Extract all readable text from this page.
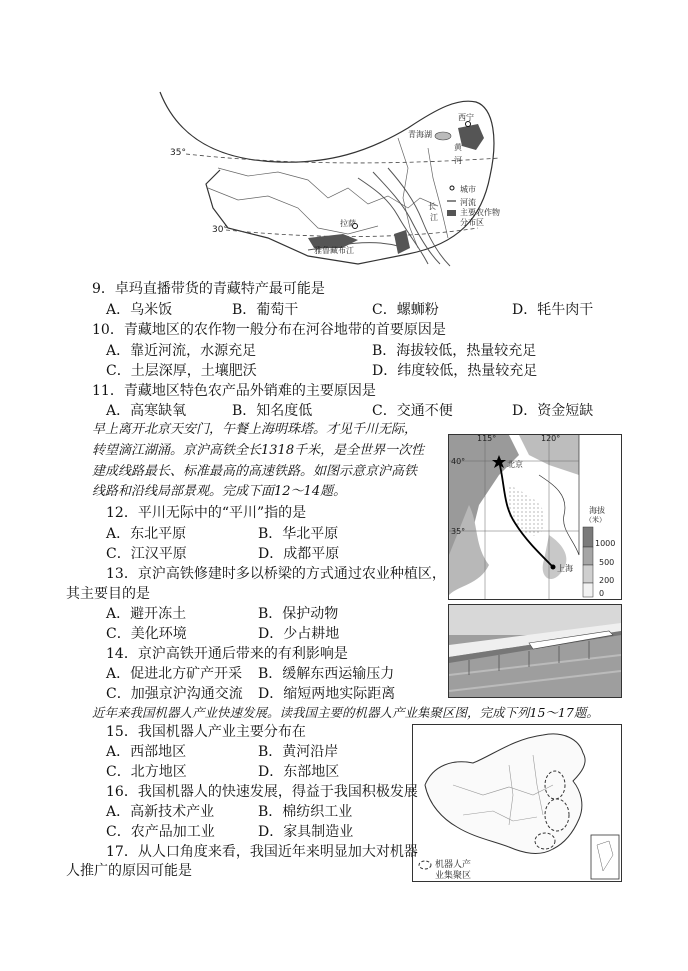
35°
30°
西宁
青海湖
黄
河
长
江
拉萨
雅鲁藏布江
城市
河流
主要农作物
分布区
9．卓玛直播带货的青藏特产最可能是
A．乌米饭	B．葡萄干	C．螺蛳粉	D．牦牛肉干
10．青藏地区的农作物一般分布在河谷地带的首要原因是
A．靠近河流，水源充足	B．海拔较低，热量较充足
C．土层深厚，土壤肥沃	D．纬度较低，热量较充足
11．青藏地区特色农产品外销难的主要原因是
A．高寒缺氧	B．知名度低	C．交通不便	D．资金短缺
早上离开北京天安门，午餐上海明珠塔。才见千川无际，
转望滴江湖涌。京沪高铁全长1318千米，是全世界一次性
建成线路最长、标准最高的高速铁路。如图示意京沪高铁
线路和沿线局部景观。完成下面12～14题。
115°	120°
40°
35°
北京
上海
海拔
（米）
1000
500
200
0
12．平川无际中的“平川”指的是
A．东北平原	B．华北平原
C．江汉平原	D．成都平原
13．京沪高铁修建时多以桥梁的方式通过农业种植区，
其主要目的是
A．避开冻土	B．保护动物
C．美化环境	D．少占耕地
14．京沪高铁开通后带来的有利影响是
A．促进北方矿产开采 B．缓解东西运输压力
C．加强京沪沟通交流 D．缩短两地实际距离
近年来我国机器人产业快速发展。读我国主要的机器人产业集聚区图，完成下列15～17题。
机器人产
业集聚区
15．我国机器人产业主要分布在
A．西部地区	B．黄河沿岸
C．北方地区	D．东部地区
16．我国机器人的快速发展，得益于我国积极发展
A．高新技术产业	B．棉纺织工业
C．农产品加工业	D．家具制造业
17．从人口角度来看，我国近年来明显加大对机器
人推广的原因可能是
